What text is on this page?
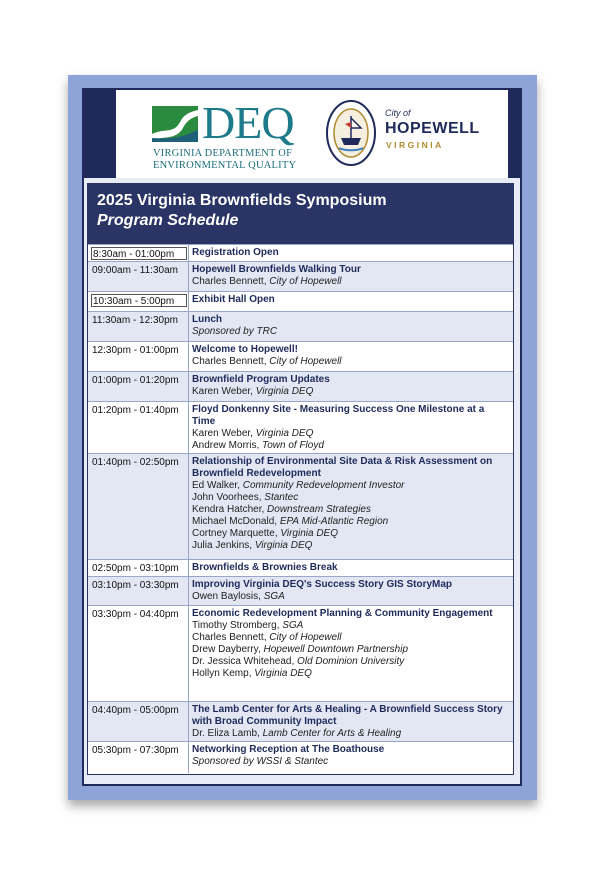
DEQ
VIRGINIA DEPARTMENT OF
ENVIRONMENTAL QUALITY
City of
HOPEWELL
VIRGINIA
2025 Virginia Brownfields Symposium
Program Schedule
8:30am - 01:00pm	Registration Open
09:00am - 11:30am	Hopewell Brownfields Walking Tour
Charles Bennett, City of Hopewell
10:30am - 5:00pm	Exhibit Hall Open
11:30am - 12:30pm	Lunch
Sponsored by TRC
12:30pm - 01:00pm	Welcome to Hopewell!
Charles Bennett, City of Hopewell
01:00pm - 01:20pm	Brownfield Program Updates
Karen Weber, Virginia DEQ
01:20pm - 01:40pm	Floyd Donkenny Site - Measuring Success One Milestone at a Time
Karen Weber, Virginia DEQ
Andrew Morris, Town of Floyd
01:40pm - 02:50pm	Relationship of Environmental Site Data & Risk Assessment on Brownfield Redevelopment
Ed Walker, Community Redevelopment Investor
John Voorhees, Stantec
Kendra Hatcher, Downstream Strategies
Michael McDonald, EPA Mid-Atlantic Region
Cortney Marquette, Virginia DEQ
Julia Jenkins, Virginia DEQ
02:50pm - 03:10pm	Brownfields & Brownies Break
03:10pm - 03:30pm	Improving Virginia DEQ's Success Story GIS StoryMap
Owen Baylosis, SGA
03:30pm - 04:40pm	Economic Redevelopment Planning & Community Engagement
Timothy Stromberg, SGA
Charles Bennett, City of Hopewell
Drew Dayberry, Hopewell Downtown Partnership
Dr. Jessica Whitehead, Old Dominion University
Hollyn Kemp, Virginia DEQ
04:40pm - 05:00pm	The Lamb Center for Arts & Healing - A Brownfield Success Story with Broad Community Impact
Dr. Eliza Lamb, Lamb Center for Arts & Healing
05:30pm - 07:30pm	Networking Reception at The Boathouse
Sponsored by WSSI & Stantec
